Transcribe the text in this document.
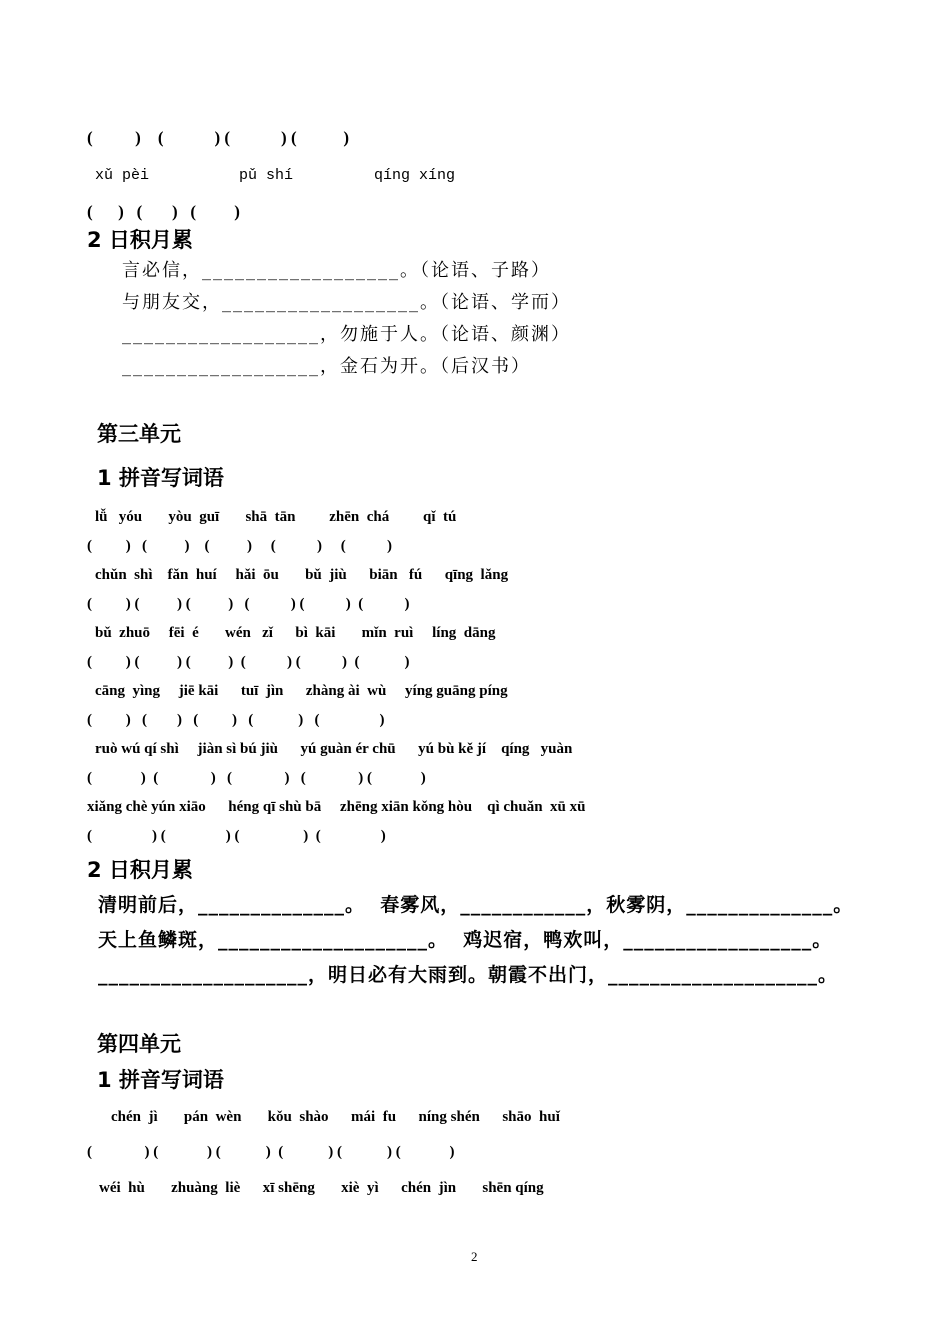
(          )    (            ) (            ) (           )
xǔ pèi          pǔ shí         qíng xíng
(      )   (       )   (         )
2 日积月累
言必信，__________________。（论语、子路）
与朋友交，__________________。（论语、学而）
__________________，勿施于人。（论语、颜渊）
__________________，金石为开。（后汉书）
第三单元
1 拼音写词语
lǚ   yóu       yòu  guī       shā  tān         zhēn  chá         qǐ  tú
(         )   (          )    (          )     (           )     (           )
chǔn  shì    fǎn  huí     hǎi  ōu       bǔ  jiù      biān   fú      qīng  lǎng
(         ) (          ) (          )   (           ) (           )  (           )
bǔ  zhuō     fēi  é       wén   zǐ      bì  kāi       mǐn  ruì     líng  dāng
(         ) (          ) (          )  (           ) (           )  (            )
cāng  yìng     jiē kāi      tuī  jìn      zhàng ài  wù     yíng guāng píng
(         )   (        )   (         )   (            )   (                )
ruò wú qí shì     jiàn sì bú jiù      yú guàn ér chū      yú bù kě jí    qíng   yuàn
(             )  (              )   (              )   (              ) (             )
xiǎng chè yún xiāo      héng qī shù bā     zhēng xiān kǒng hòu    qì chuǎn  xū xū
(                ) (                ) (                 )  (                )
2 日积月累
清明前后，______________。  春雾风，____________，秋雾阴，______________。
天上鱼鳞斑，____________________。  鸡迟宿，鸭欢叫，__________________。
____________________，明日必有大雨到。朝霞不出门，____________________。
第四单元
1 拼音写词语
chén  jì       pán  wèn       kǒu  shào      mái  fu      níng shén      shāo  huǐ
(              ) (             ) (            )  (            ) (            ) (             )
wéi  hù       zhuàng  liè      xī shēng       xiè  yì      chén  jìn       shēn qíng
2
